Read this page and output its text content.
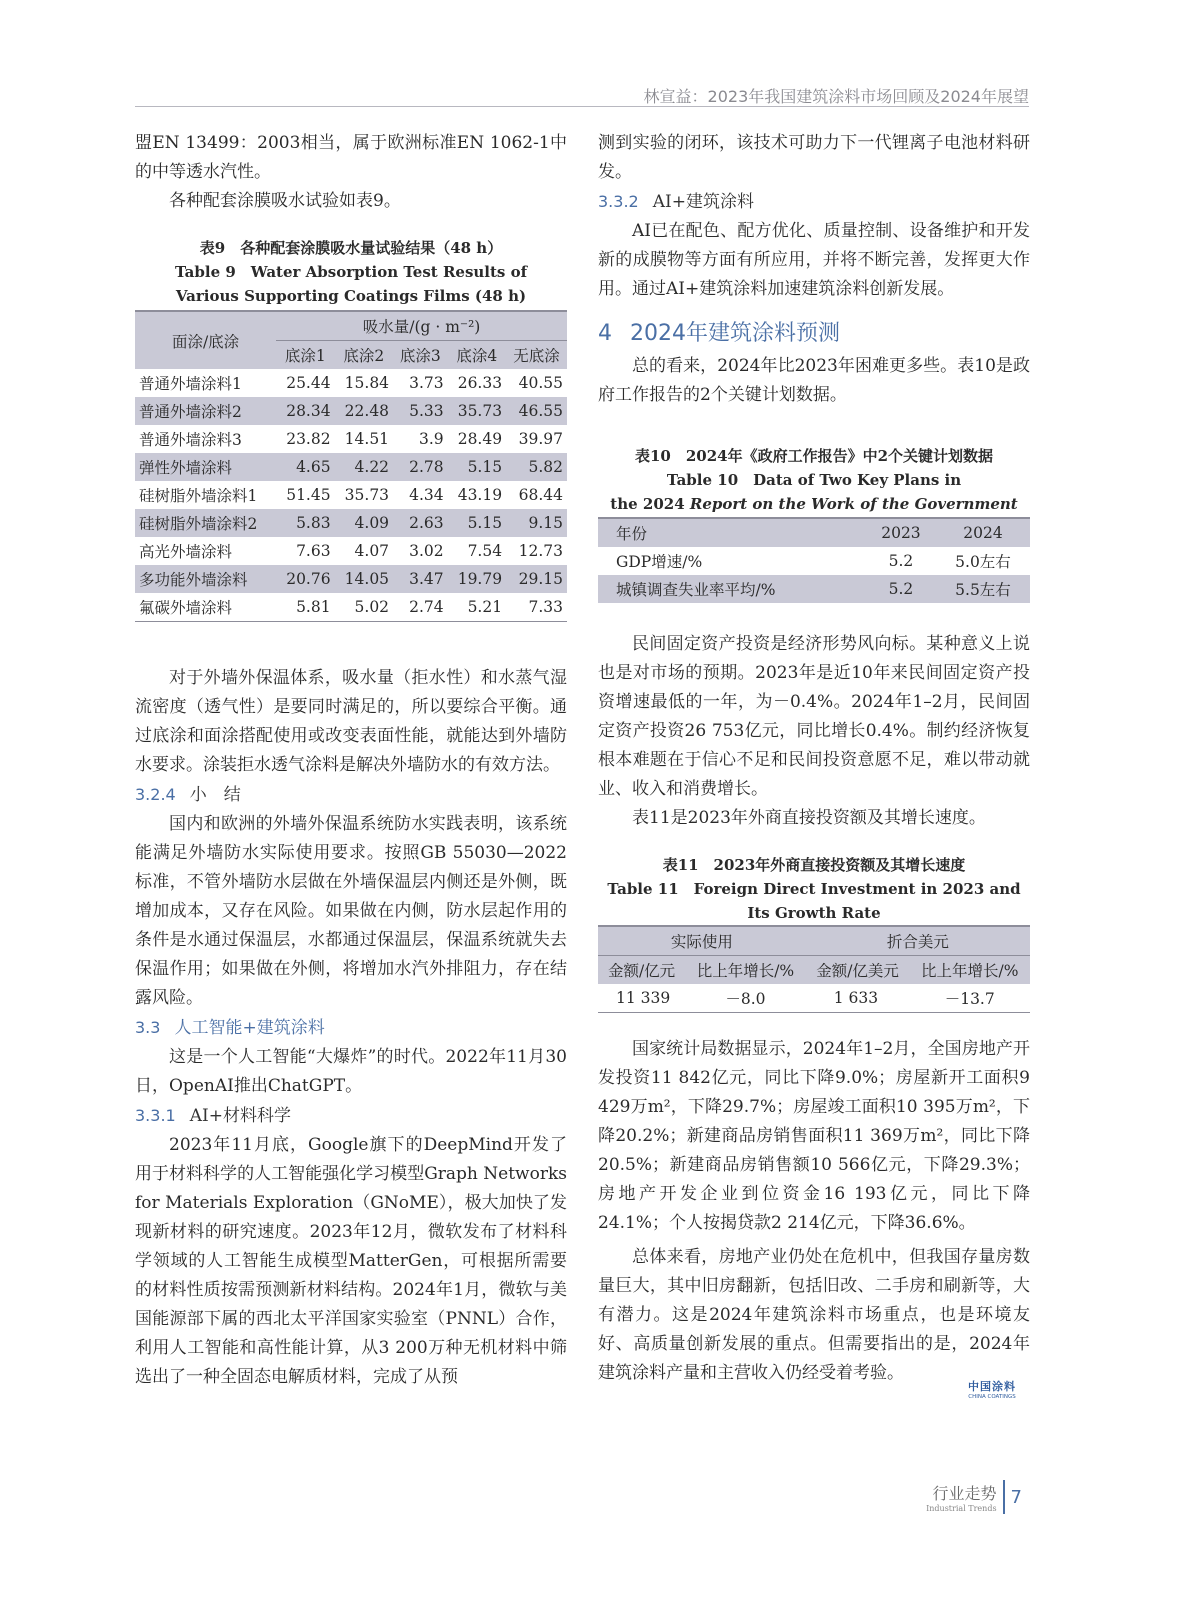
林宣益：2023年我国建筑涂料市场回顾及2024年展望

盟EN 13499：2003相当，属于欧洲标准EN 1062-1中的中等透水汽性。

各种配套涂膜吸水试验如表9。

表9　各种配套涂膜吸水量试验结果（48 h）
Table 9　Water Absorption Test Results of Various Supporting Coatings Films (48 h)
面涂/底涂	吸水量/(g · m⁻²)				
	底涂1	底涂2	底涂3	底涂4	无底涂
普通外墙涂料1	25.44	15.84	3.73	26.33	40.55
普通外墙涂料2	28.34	22.48	5.33	35.73	46.55
普通外墙涂料3	23.82	14.51	3.9	28.49	39.97
弹性外墙涂料	4.65	4.22	2.78	5.15	5.82
硅树脂外墙涂料1	51.45	35.73	4.34	43.19	68.44
硅树脂外墙涂料2	5.83	4.09	2.63	5.15	9.15
高光外墙涂料	7.63	4.07	3.02	7.54	12.73
多功能外墙涂料	20.76	14.05	3.47	19.79	29.15
氟碳外墙涂料	5.81	5.02	2.74	5.21	7.33

对于外墙外保温体系，吸水量（拒水性）和水蒸气湿流密度（透气性）是要同时满足的，所以要综合平衡。通过底涂和面涂搭配使用或改变表面性能，就能达到外墙防水要求。涂装拒水透气涂料是解决外墙防水的有效方法。

3.2.4 小　结

国内和欧洲的外墙外保温系统防水实践表明，该系统能满足外墙防水实际使用要求。按照GB 55030—2022标准，不管外墙防水层做在外墙保温层内侧还是外侧，既增加成本，又存在风险。如果做在内侧，防水层起作用的条件是水通过保温层，水都通过保温层，保温系统就失去保温作用；如果做在外侧，将增加水汽外排阻力，存在结露风险。

3.3 人工智能+建筑涂料

这是一个人工智能“大爆炸”的时代。2022年11月30日，OpenAI推出ChatGPT。

3.3.1 AI+材料科学

2023年11月底，Google旗下的DeepMind开发了用于材料科学的人工智能强化学习模型Graph Networks for Materials Exploration（GNoME），极大加快了发现新材料的研究速度。2023年12月，微软发布了材料科学领域的人工智能生成模型MatterGen，可根据所需要的材料性质按需预测新材料结构。2024年1月，微软与美国能源部下属的西北太平洋国家实验室（PNNL）合作，利用人工智能和高性能计算，从3 200万种无机材料中筛选出了一种全固态电解质材料，完成了从预

测到实验的闭环，该技术可助力下一代锂离子电池材料研发。

3.3.2 AI+建筑涂料

AI已在配色、配方优化、质量控制、设备维护和开发新的成膜物等方面有所应用，并将不断完善，发挥更大作用。通过AI+建筑涂料加速建筑涂料创新发展。

4 2024年建筑涂料预测

总的看来，2024年比2023年困难更多些。表10是政府工作报告的2个关键计划数据。

表10　2024年《政府工作报告》中2个关键计划数据
Table 10　Data of Two Key Plans in
the 2024 Report on the Work of the Government
年份	2023	2024
GDP增速/%	5.2	5.0左右
城镇调查失业率平均/%	5.2	5.5左右

民间固定资产投资是经济形势风向标。某种意义上说也是对市场的预期。2023年是近10年来民间固定资产投资增速最低的一年，为－0.4%。2024年1–2月，民间固定资产投资26 753亿元，同比增长0.4%。制约经济恢复根本难题在于信心不足和民间投资意愿不足，难以带动就业、收入和消费增长。

表11是2023年外商直接投资额及其增长速度。

表11　2023年外商直接投资额及其增长速度
Table 11　Foreign Direct Investment in 2023 and Its Growth Rate
实际使用		折合美元	
金额/亿元	比上年增长/%	金额/亿美元	比上年增长/%
11 339	－8.0	1 633	－13.7

国家统计局数据显示，2024年1–2月，全国房地产开发投资11 842亿元，同比下降9.0%；房屋新开工面积9 429万m²，下降29.7%；房屋竣工面积10 395万m²，下降20.2%；新建商品房销售面积11 369万m²，同比下降20.5%；新建商品房销售额10 566亿元，下降29.3%；房地产开发企业到位资金16 193亿元，同比下降24.1%；个人按揭贷款2 214亿元，下降36.6%。

总体来看，房地产业仍处在危机中，但我国存量房数量巨大，其中旧房翻新，包括旧改、二手房和刷新等，大有潜力。这是2024年建筑涂料市场重点，也是环境友好、高质量创新发展的重点。但需要指出的是，2024年建筑涂料产量和主营收入仍经受着考验。

中国涂料
CHINA COATINGS
行业走势
Industrial Trends
7
